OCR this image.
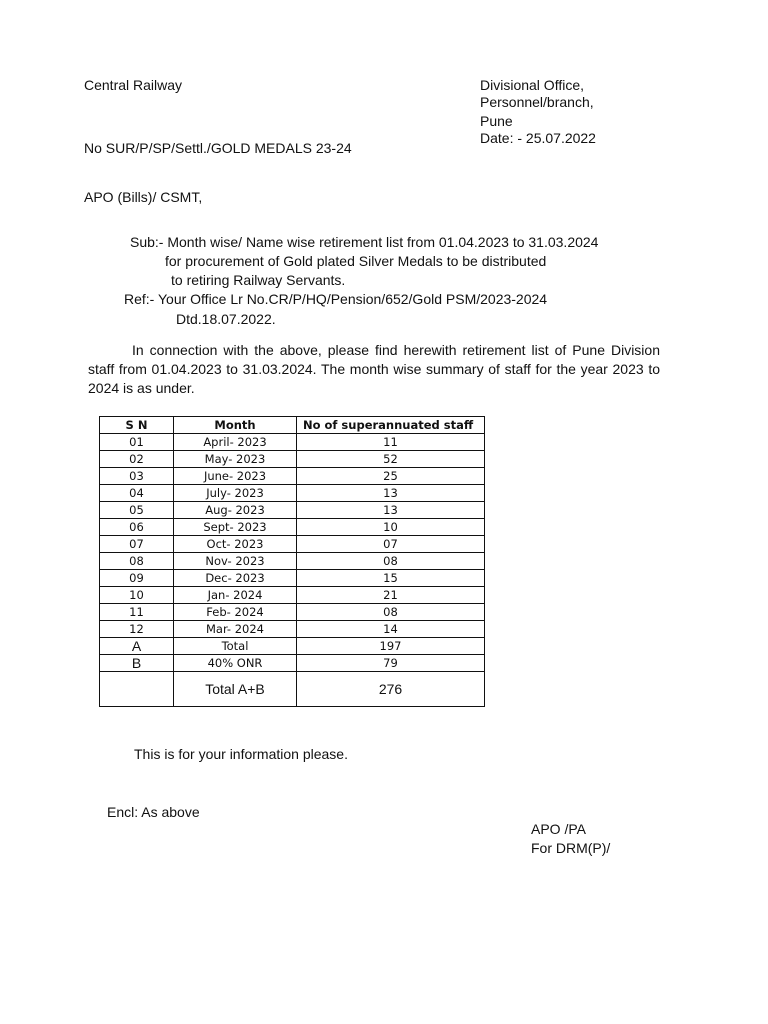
Central Railway	Divisional Office,
Personnel/branch,
Pune
Date: - 25.07.2022
No SUR/P/SP/Settl./GOLD MEDALS 23-24
APO (Bills)/ CSMT,
Sub:- Month wise/ Name wise retirement list from 01.04.2023 to 31.03.2024
for procurement of Gold plated Silver Medals to be distributed
to retiring Railway Servants.
Ref:- Your Office Lr No.CR/P/HQ/Pension/652/Gold PSM/2023-2024
Dtd.18.07.2022.
In connection with the above, please find herewith retirement list of Pune Division staff from 01.04.2023 to 31.03.2024. The month wise summary of staff for the year 2023 to 2024 is as under.
S N	Month	No of superannuated staff
01	April- 2023	11
02	May- 2023	52
03	June- 2023	25
04	July- 2023	13
05	Aug- 2023	13
06	Sept- 2023	10
07	Oct- 2023	07
08	Nov- 2023	08
09	Dec- 2023	15
10	Jan- 2024	21
11	Feb- 2024	08
12	Mar- 2024	14
A	Total	197
B	40% ONR	79
	Total A+B	276
This is for your information please.
Encl: As above
APO /PA
For DRM(P)/
